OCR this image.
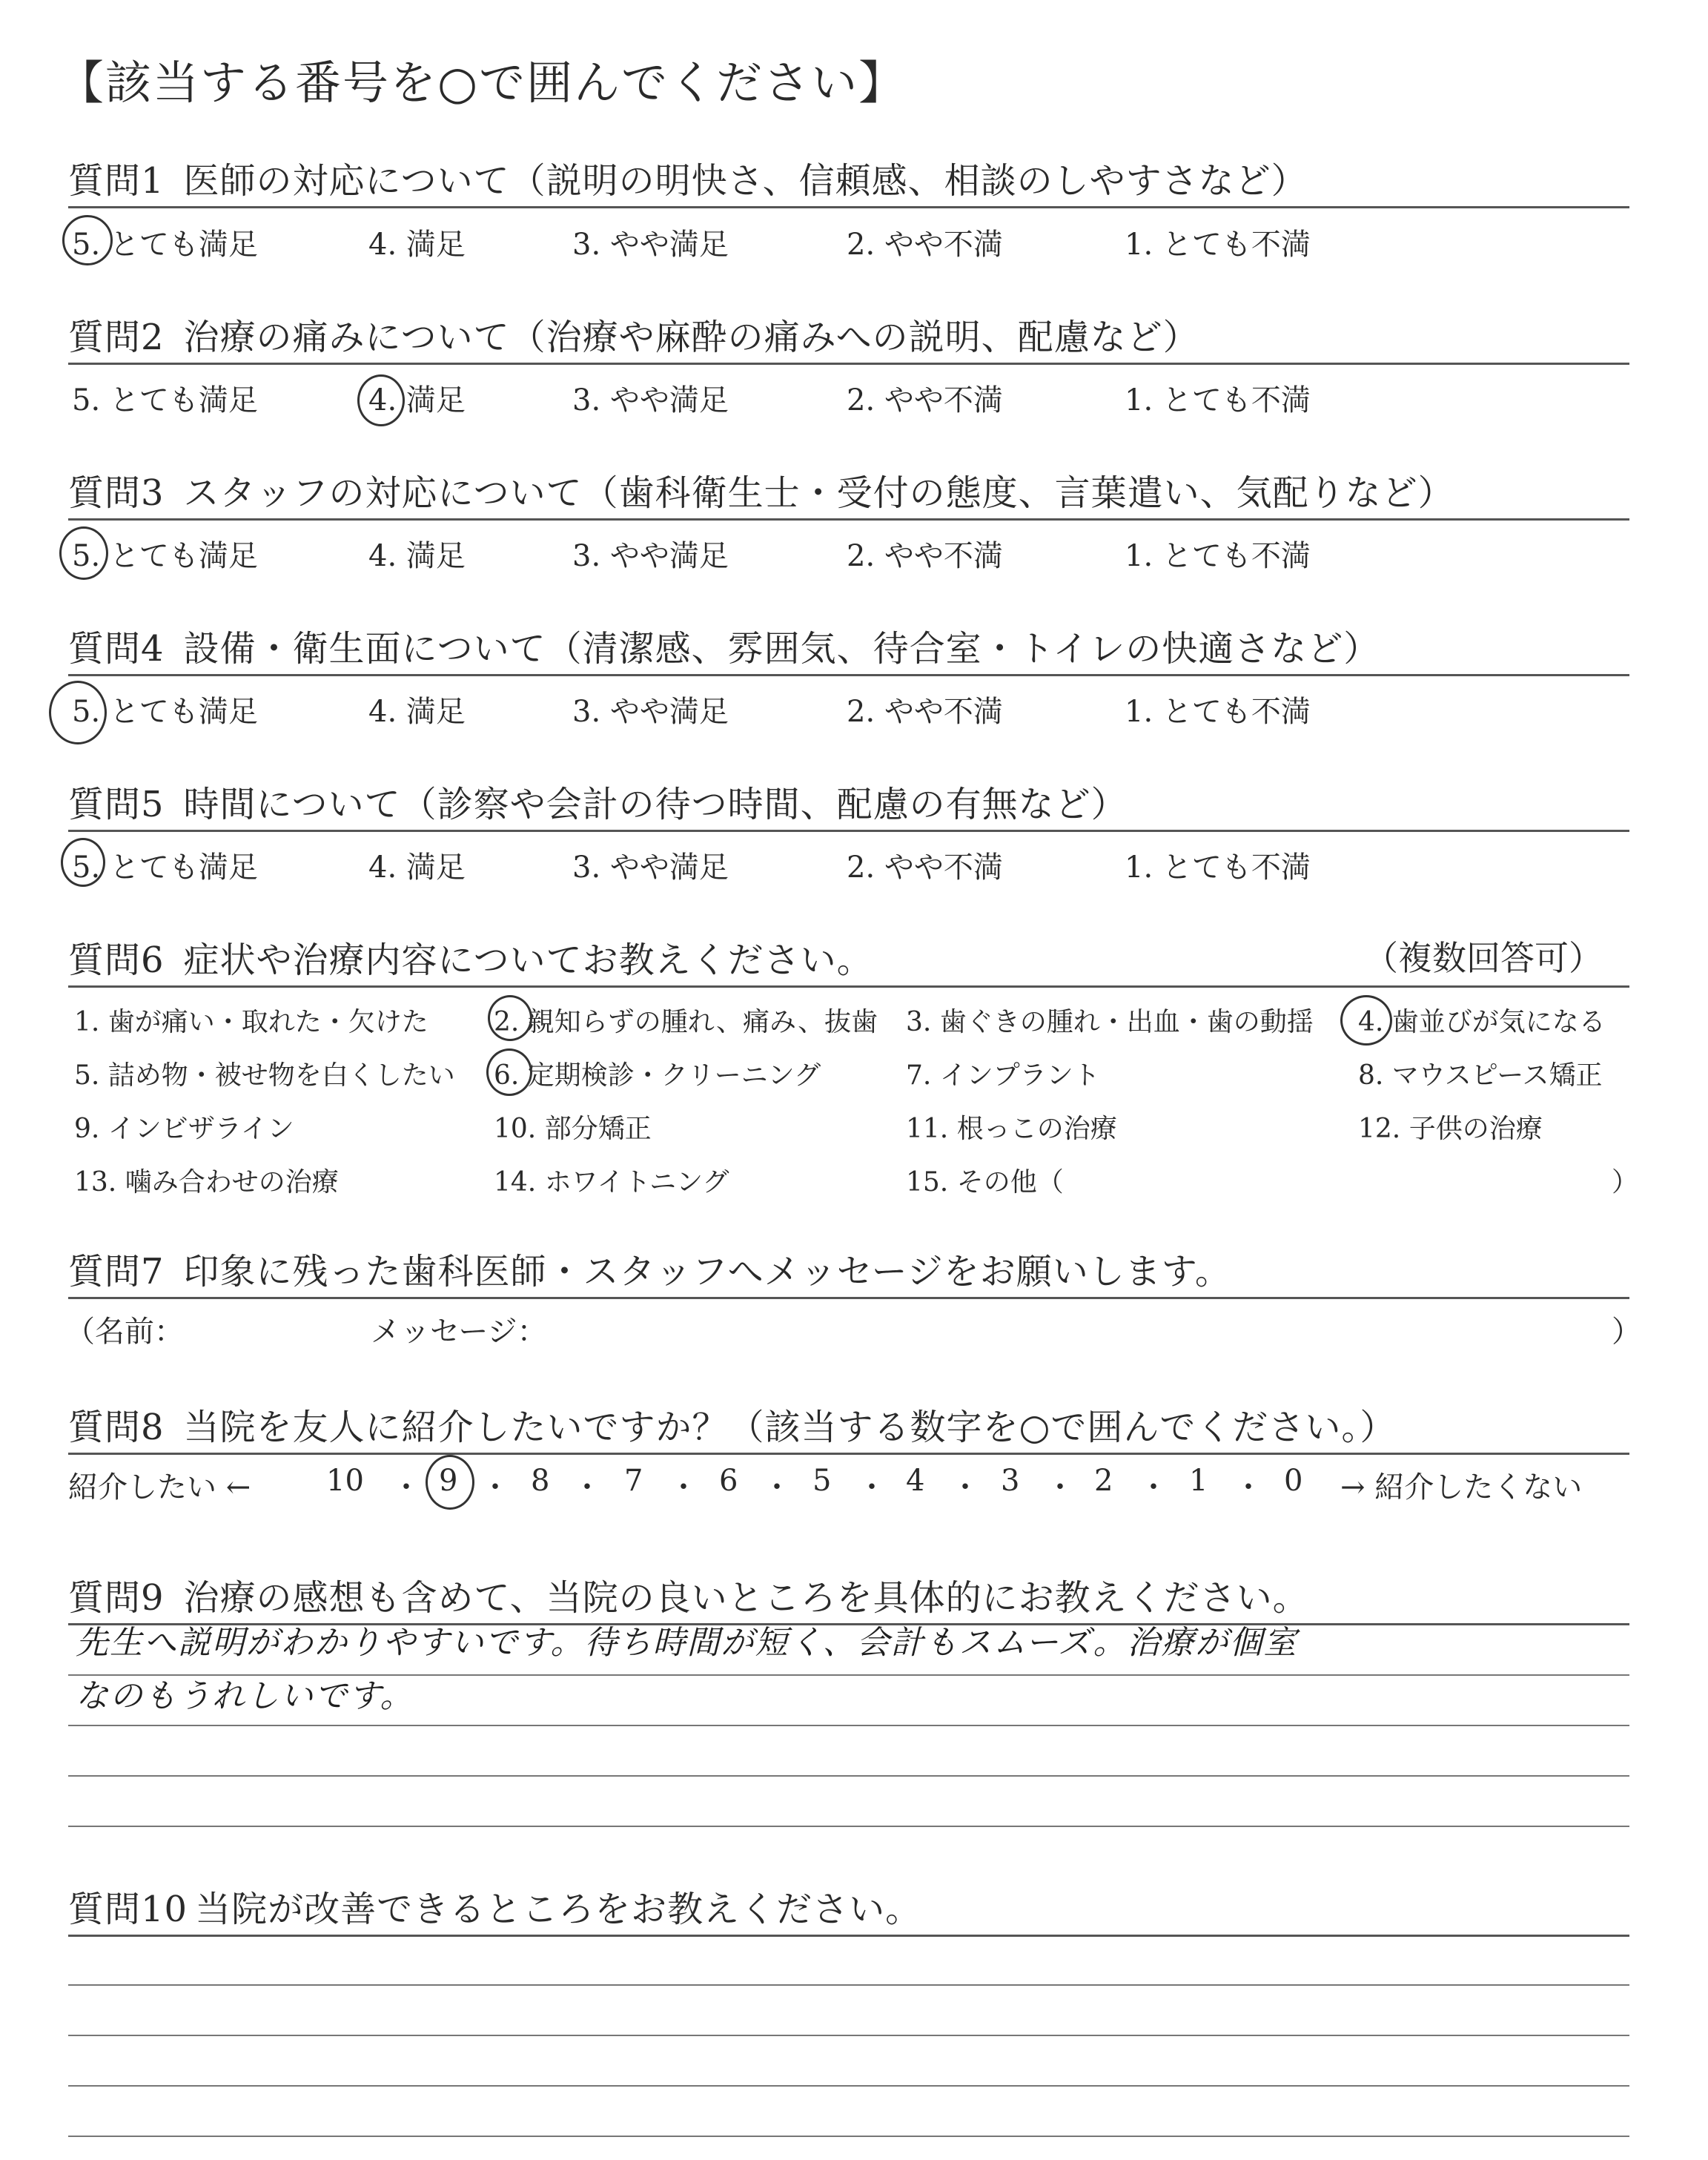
【該当する番号を○で囲んでください】
質問1 医師の対応について（説明の明快さ、信頼感、相談のしやすさなど）
5. とても満足	4. 満足	3. やや満足	2. やや不満	1. とても不満
質問2 治療の痛みについて（治療や麻酔の痛みへの説明、配慮など）
5. とても満足	4. 満足	3. やや満足	2. やや不満	1. とても不満
質問3 スタッフの対応について（歯科衛生士・受付の態度、言葉遣い、気配りなど）
5. とても満足	4. 満足	3. やや満足	2. やや不満	1. とても不満
質問4 設備・衛生面について（清潔感、雰囲気、待合室・トイレの快適さなど）
5. とても満足	4. 満足	3. やや満足	2. やや不満	1. とても不満
質問5 時間について（診察や会計の待つ時間、配慮の有無など）
5. とても満足	4. 満足	3. やや満足	2. やや不満	1. とても不満
質問6 症状や治療内容についてお教えください。	（複数回答可）
1. 歯が痛い・取れた・欠けた 2. 親知らずの腫れ、痛み、抜歯 3. 歯ぐきの腫れ・出血・歯の動揺 4. 歯並びが気になる
5. 詰め物・被せ物を白くしたい 6. 定期検診・クリーニング	7. インプラント	8. マウスピース矯正
9. インビザライン	10. 部分矯正	11. 根っこの治療	12. 子供の治療
13. 噛み合わせの治療	14. ホワイトニング	15. その他（	）
質問7 印象に残った歯科医師・スタッフへメッセージをお願いします。
（名前：	メッセージ：	）
質問8 当院を友人に紹介したいですか？（該当する数字を○で囲んでください。）
紹介したい ←	10 ・ 9 ・ 8 ・ 7 ・ 6 ・ 5 ・ 4 ・ 3 ・ 2 ・ 1 ・ 0 → 紹介したくない
質問9 治療の感想も含めて、当院の良いところを具体的にお教えください。
先生へ説明がわかりやすいです。待ち時間が短く、会計もスムーズ。治療が個室
なのもうれしいです。
質問10 当院が改善できるところをお教えください。
